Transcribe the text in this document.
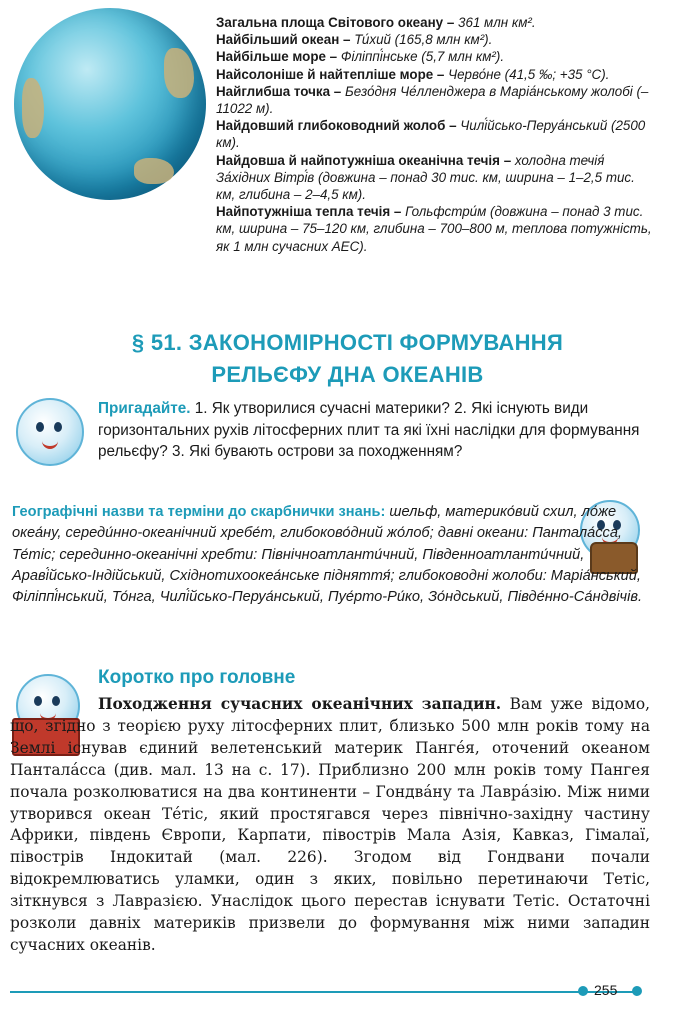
Загальна площа Світового океану – 361 млн км².

Найбільший океан – Ти́хий (165,8 млн км²).

Найбільше море – Філіппі́нське (5,7 млн км²).

Найсолоніше й найтепліше море – Черво́не (41,5 ‰; +35 °С).

Найглибша точка – Безо́дня Че́лленджера в Маріа́нському жолобі (–11022 м).

Найдовший глибоководний жолоб – Чилі́йсько-Перуа́нський (2500 км).

Найдовша й найпотужніша океанічна течія – холодна течія́ За́хідних Вітрі́в (довжина – понад 30 тис. км, ширина – 1–2,5 тис. км, глибина – 2–4,5 км).

Найпотужніша тепла течія – Гольфстри́м (довжина – понад 3 тис. км, ширина – 75–120 км, глибина – 700–800 м, теплова потужність, як 1 млн сучасних АЕС).

§ 51. ЗАКОНОМІРНОСТІ ФОРМУВАННЯ
РЕЛЬЄФУ ДНА ОКЕАНІВ
Пригадайте. 1. Як утворилися сучасні материки? 2. Які існують види горизонтальних рухів літосферних плит та які їхні наслідки для формування рельєфу? 3. Які бувають острови за походженням?
Географічні назви та терміни до скарбнички знань: шельф, материко́вий схил, ло́же океа́ну, середи́нно-океанічний хребе́т, глибоково́дний жо́лоб; давні океани: Пантала́сса, Те́тіс; серединно-океанічні хребти: Північноатланти́чний, Південноатланти́чний, Араві́йсько-Індійський, Східнотихоокеа́нське підняття́; глибоководні жолоби: Маріа́нський, Філіппі́нський, То́нга, Чилі́йсько-Перуа́нський, Пуе́рто-Ри́ко, Зо́ндський, Півде́нно-Са́ндвічів.
Коротко про головне
Походження сучасних океанічних западин. Вам уже відомо, що, згідно з теорією руху літосферних плит, близько 500 млн років тому на Землі існував єдиний велетенський материк Панге́я, оточений океаном Пантала́сса (див. мал. 13 на с. 17). Приблизно 200 млн років тому Пангея почала розколюватися на два континенти – Гондва́ну та Лавра́зію. Між ними утворився океан Те́тіс, який простягався через північно-західну частину Африки, південь Європи, Карпати, півострів Мала Азія, Кавказ, Гімалаї, півострів Індокитай (мал. 226). Згодом від Гондвани почали відокремлюватись уламки, один з яких, повільно перетинаючи Тетіс, зіткнувся з Лавразією. Унаслідок цього перестав існувати Тетіс. Остаточні розколи давніх материків призвели до формування між ними западин сучасних океанів.
255
